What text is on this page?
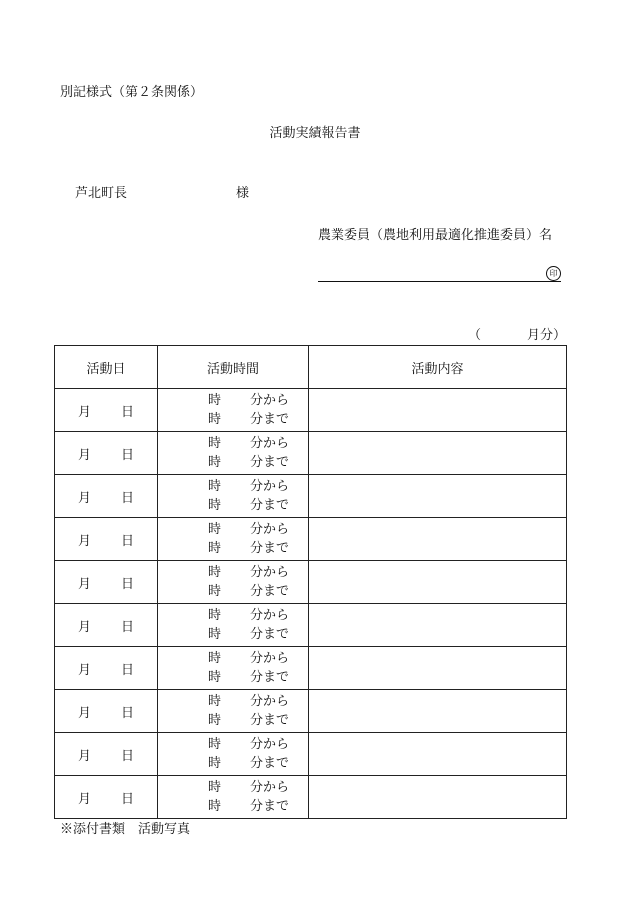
別記様式（第２条関係）
活動実績報告書
芦北町長	様
農業委員（農地利用最適化推進委員）名
印
（	月分）
活動日	活動時間	活動内容
月 日	時 分から
時 分まで	

月 日	時 分から
時 分まで	

月 日	時 分から
時 分まで	

月 日	時 分から
時 分まで	

月 日	時 分から
時 分まで	

月 日	時 分から
時 分まで	

月 日	時 分から
時 分まで	

月 日	時 分から
時 分まで	

月 日	時 分から
時 分まで	

月 日	時 分から
時 分まで	

※添付書類　活動写真
